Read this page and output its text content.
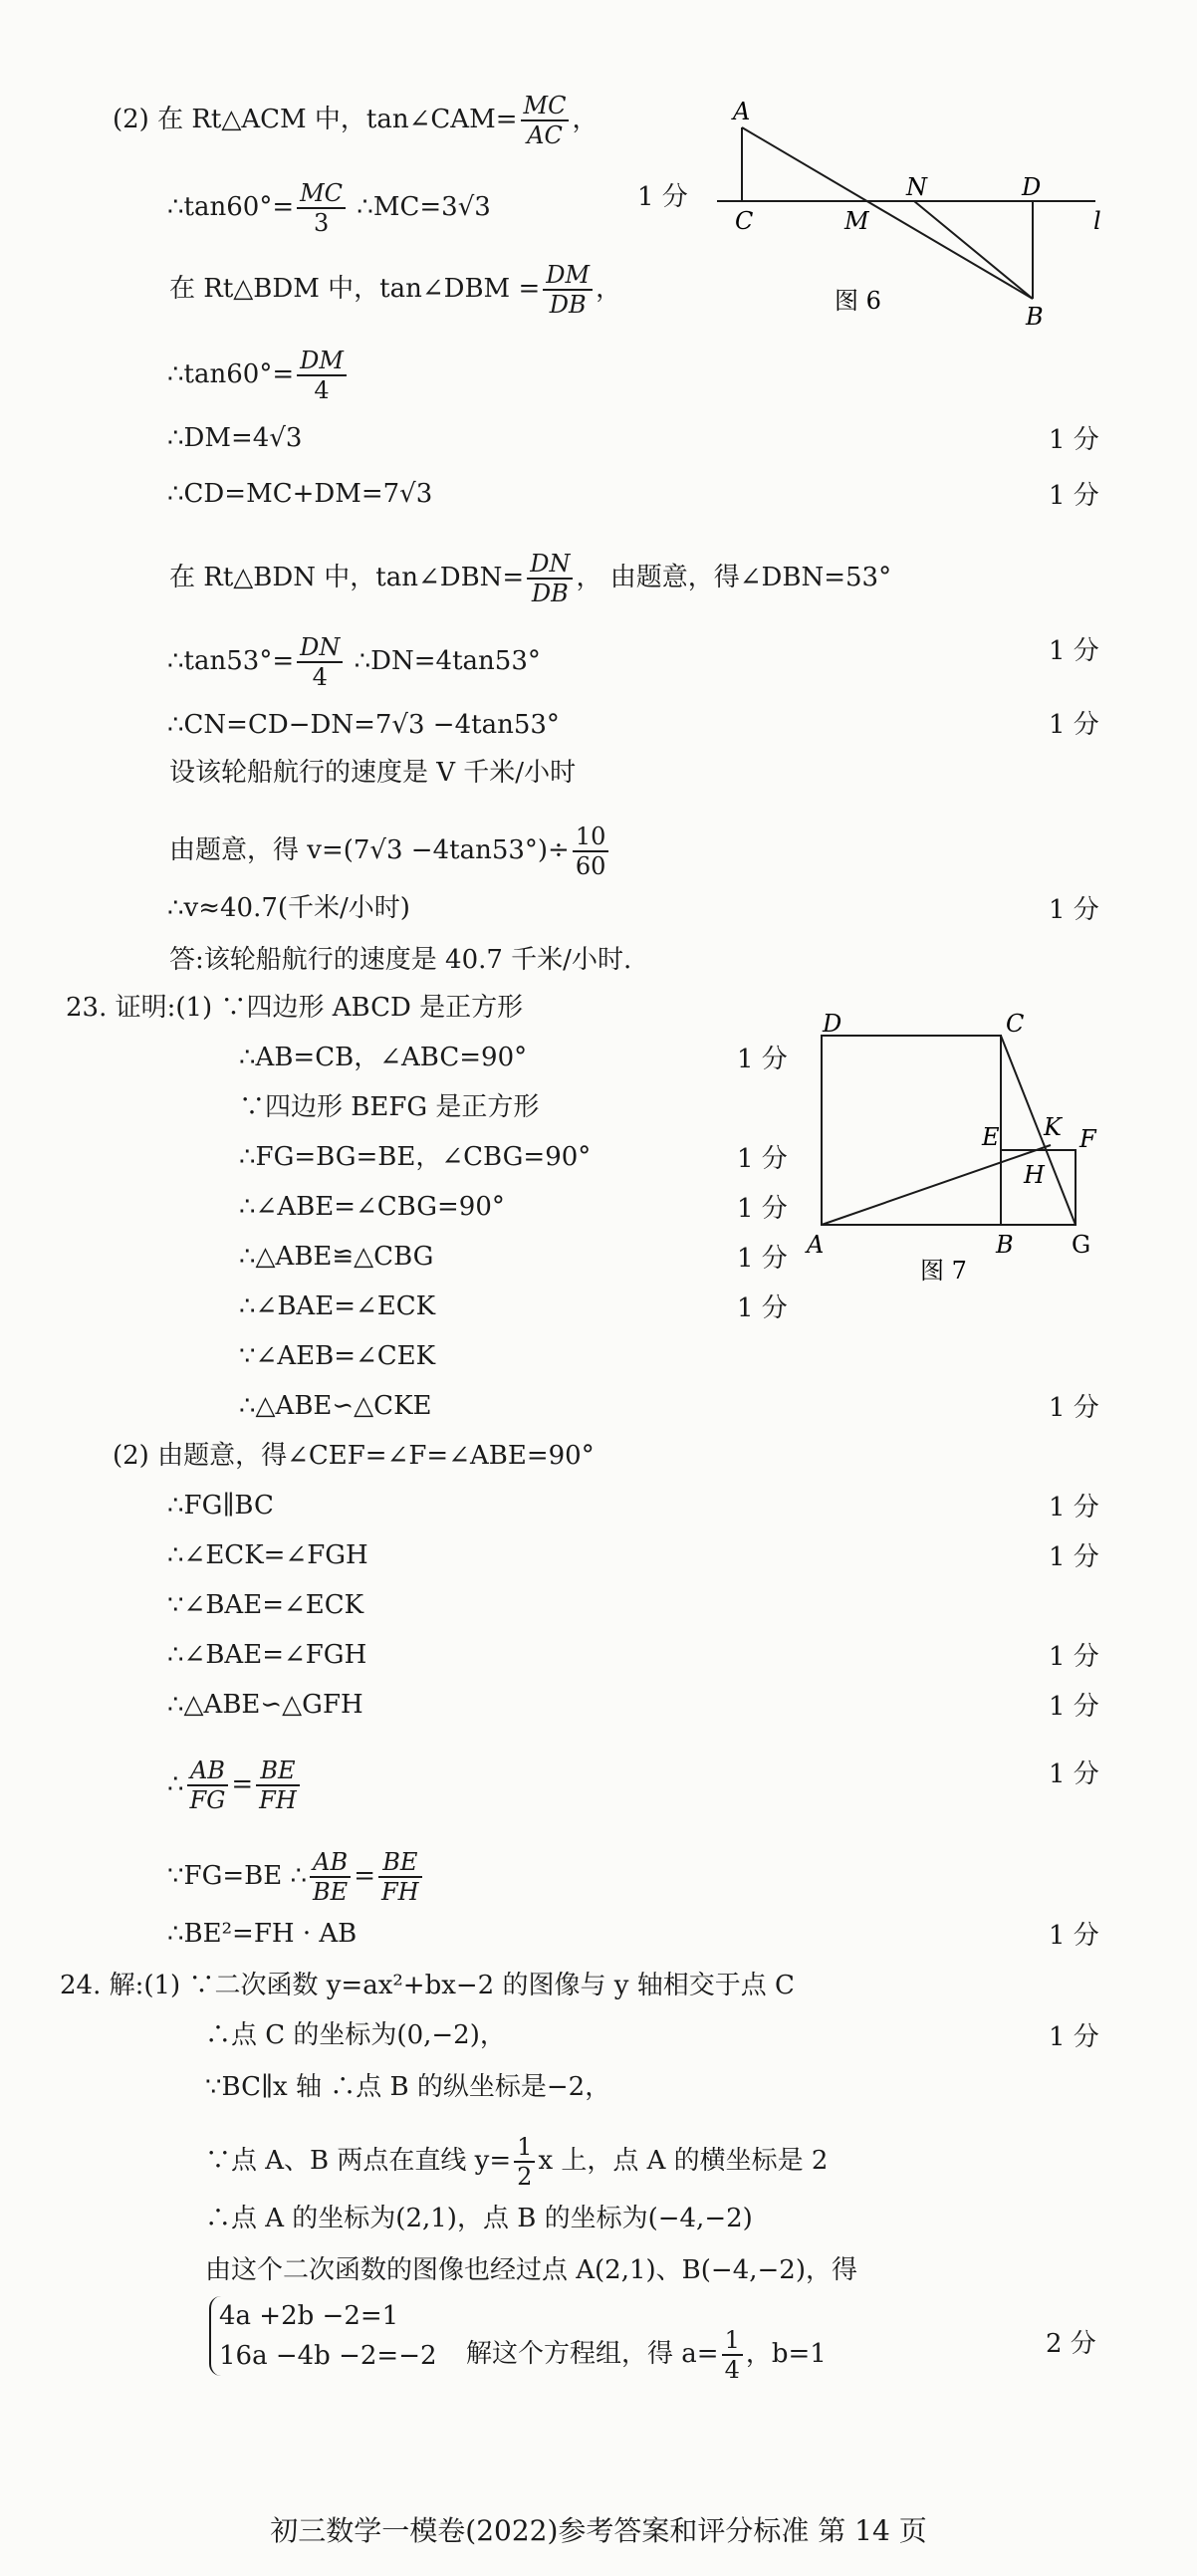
(2) 在 Rt△ACM 中，tan∠CAM= $\frac{MC}{AC}$ ，
∴tan60°= $\frac{MC}{3}$ ∴MC=3√3	1 分
在 Rt△BDM 中，tan∠DBM = $\frac{DM}{DB}$ ，
∴tan60°= $\frac{DM}{4}$
∴DM=4√3	1 分
∴CD=MC+DM=7√3	1 分
在 Rt△BDN 中，tan∠DBN= $\frac{DN}{DB}$ ， 由题意，得∠DBN=53°
∴tan53°= $\frac{DN}{4}$ ∴DN=4tan53°	1 分
∴CN=CD−DN=7√3 −4tan53°	1 分
设该轮船航行的速度是 V 千米/小时
由题意，得 $v=(7√3 -4\tan 53^\circ)\div \frac{10}{60}$
∴v≈40.7(千米/小时)	1 分
答:该轮船航行的速度是 40.7 千米/小时.
A
C	M
N	D
B
l
图 6
23. 证明:(1) ∵四边形 ABCD 是正方形
∴AB=CB，∠ABC=90°	1 分
∵四边形 BEFG 是正方形
∴FG=BG=BE，∠CBG=90°	1 分
∴∠ABE=∠CBG=90°	1 分
∴△ABE≌△CBG	1 分
∴∠BAE=∠ECK	1 分
∵∠AEB=∠CEK
∴△ABE∽△CKE	1 分
(2) 由题意，得∠CEF=∠F=∠ABE=90°
∴FG∥BC	1 分
∴∠ECK=∠FGH	1 分
∵∠BAE=∠ECK
∴∠BAE=∠FGH	1 分
∴△ABE∽△GFH	1 分
∴ $\frac{AB}{FG} = \frac{BE}{FH}$	1 分
∵FG=BE ∴ $\frac{AB}{BE} = \frac{BE}{FH}$
∴BE²=FH · AB	1 分
D	C
E K F
H
A	B G
图 7
24. 解:(1) ∵二次函数 y=ax²+bx−2 的图像与 y 轴相交于点 C
∴点 C 的坐标为(0,−2)，	1 分
∵BC∥x 轴 ∴点 B 的纵坐标是−2，
∵点 A、B 两点在直线 $y= \frac{1}{2}$ x 上，点 A 的横坐标是 2
∴点 A 的坐标为(2,1)，点 B 的坐标为(−4,−2)
由这个二次函数的图像也经过点 A(2,1)、B(−4,−2)，得
4a +2b −2=1
16a −4b −2=−2 解这个方程组，得 $a= \frac{1}{4}$ ，b=1	2 分
初三数学一模卷(2022)参考答案和评分标准 第 14 页
